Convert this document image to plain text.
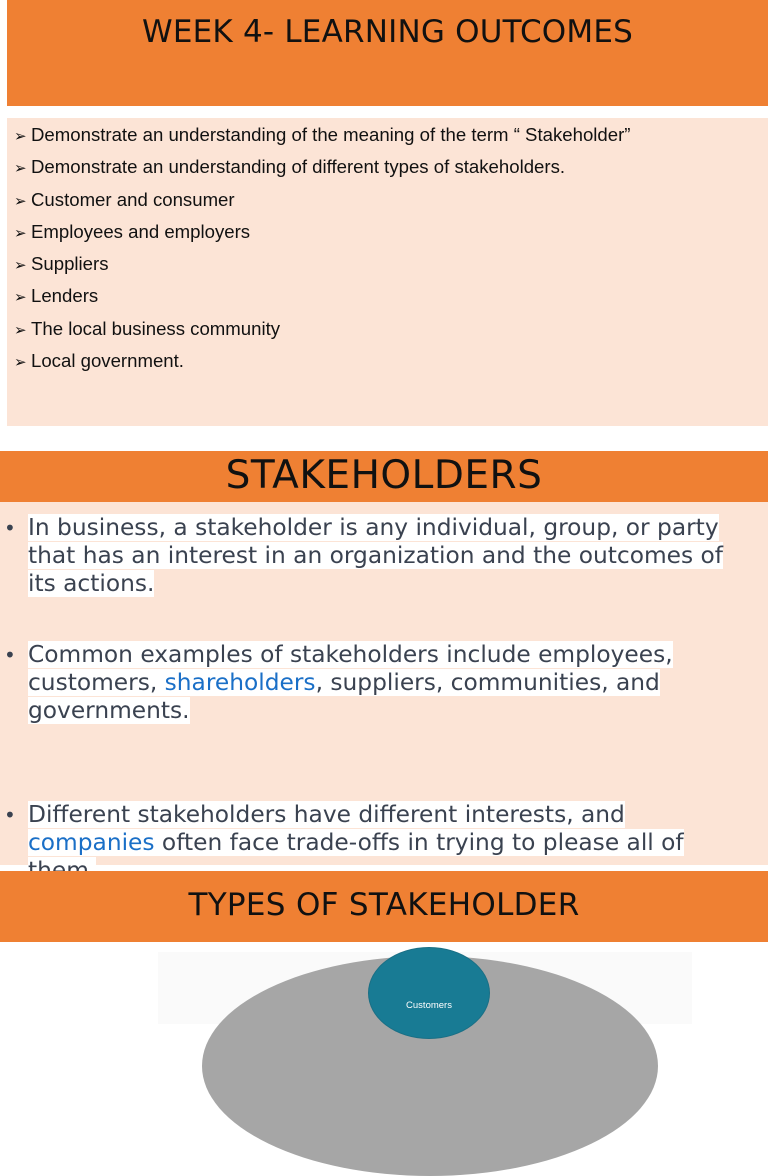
WEEK 4- LEARNING OUTCOMES
➢ Demonstrate an understanding of the meaning of the term “ Stakeholder”
➢ Demonstrate an understanding of different types of stakeholders.
➢ Customer and consumer
➢ Employees and employers
➢ Suppliers
➢ Lenders
➢ The local business community
➢ Local government.
STAKEHOLDERS
• In business, a stakeholder is any individual, group, or party that has an interest in an organization and the outcomes of its actions.
• Common examples of stakeholders include employees, customers, shareholders, suppliers, communities, and governments.
• Different stakeholders have different interests, and companies often face trade-offs in trying to please all of
TYPES OF STAKEHOLDER
Customers
